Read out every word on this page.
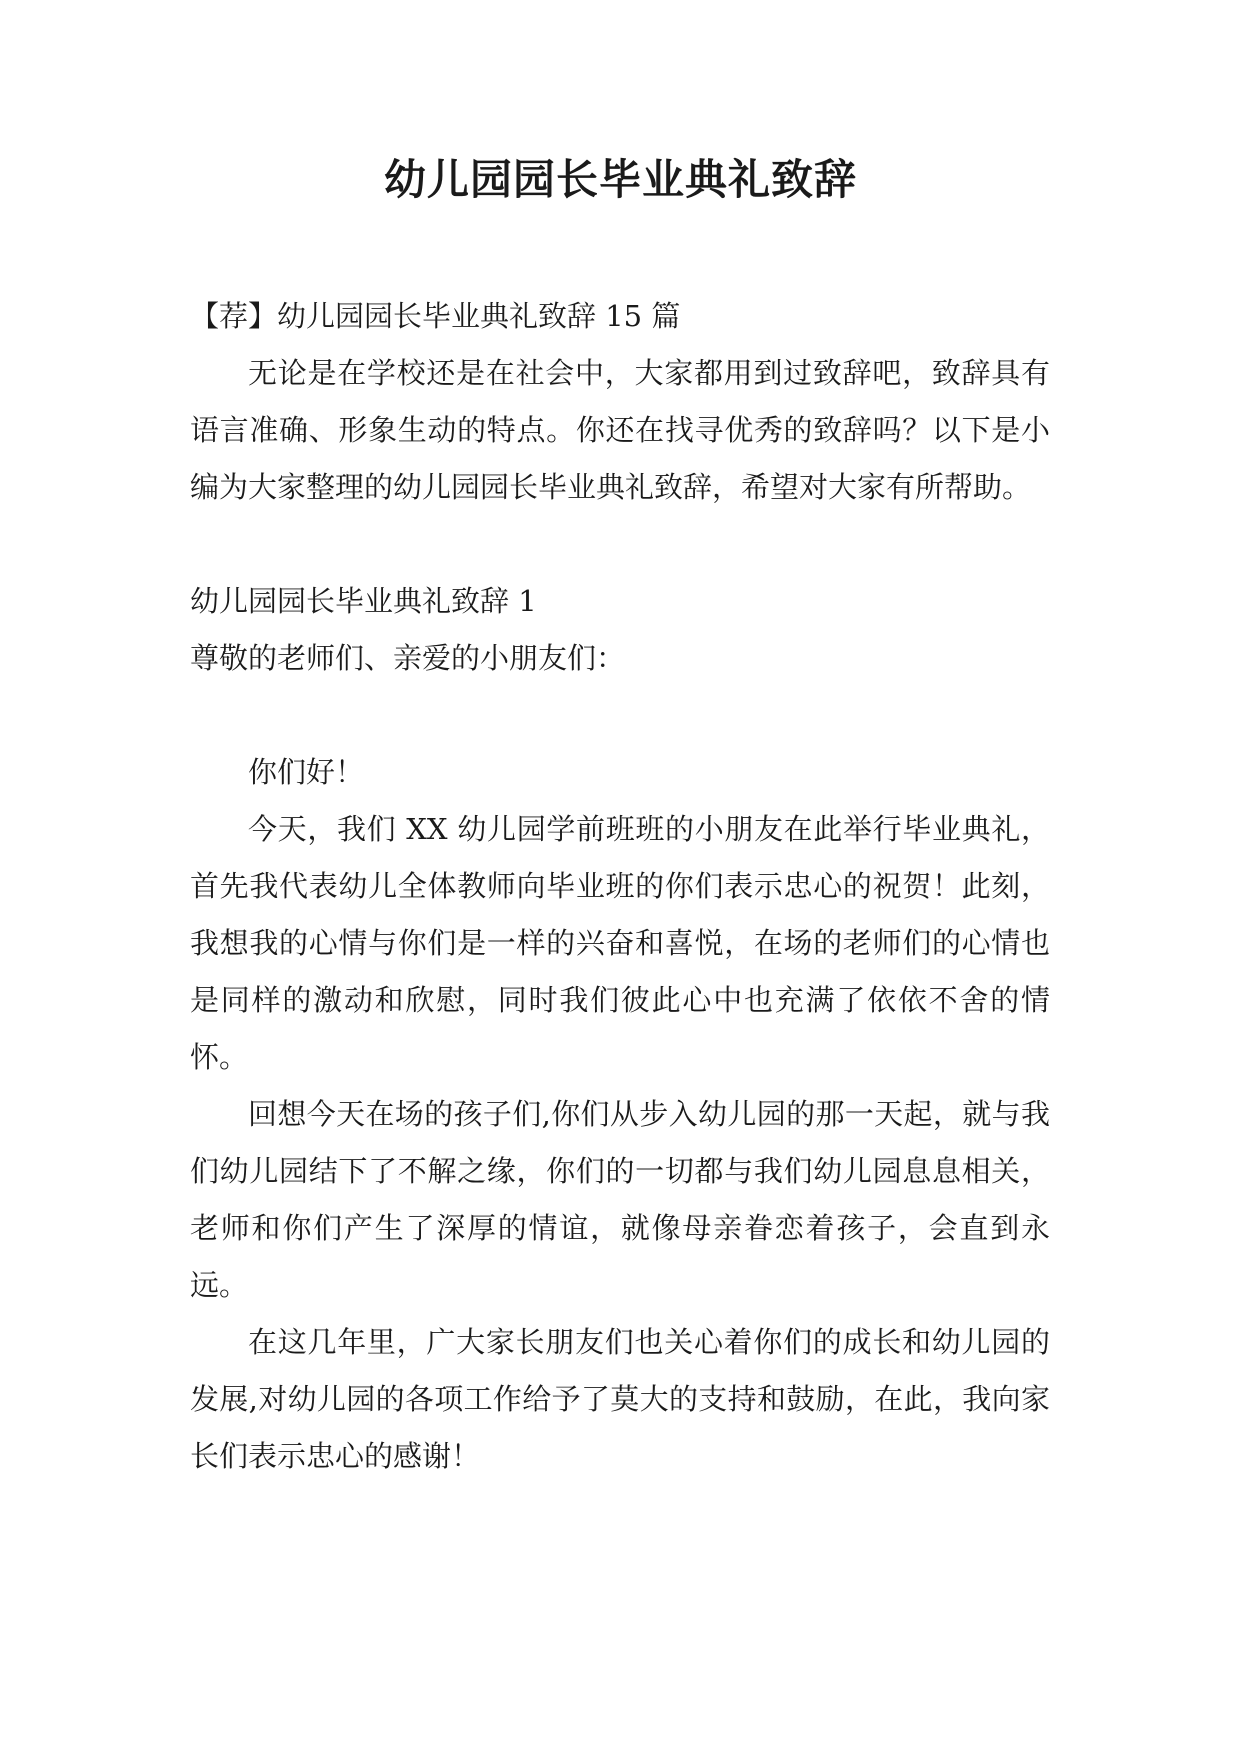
幼儿园园长毕业典礼致辞

【荐】幼儿园园长毕业典礼致辞 15 篇

无论是在学校还是在社会中，大家都用到过致辞吧，致辞具有语言准确、形象生动的特点。你还在找寻优秀的致辞吗？以下是小编为大家整理的幼儿园园长毕业典礼致辞，希望对大家有所帮助。

幼儿园园长毕业典礼致辞 1

尊敬的老师们、亲爱的小朋友们：

你们好！

今天，我们 XX 幼儿园学前班班的小朋友在此举行毕业典礼，首先我代表幼儿全体教师向毕业班的你们表示忠心的祝贺！此刻，我想我的心情与你们是一样的兴奋和喜悦，在场的老师们的心情也是同样的激动和欣慰，同时我们彼此心中也充满了依依不舍的情怀。

回想今天在场的孩子们,你们从步入幼儿园的那一天起，就与我们幼儿园结下了不解之缘，你们的一切都与我们幼儿园息息相关，老师和你们产生了深厚的情谊，就像母亲眷恋着孩子，会直到永远。

在这几年里，广大家长朋友们也关心着你们的成长和幼儿园的发展,对幼儿园的各项工作给予了莫大的支持和鼓励，在此，我向家长们表示忠心的感谢！
